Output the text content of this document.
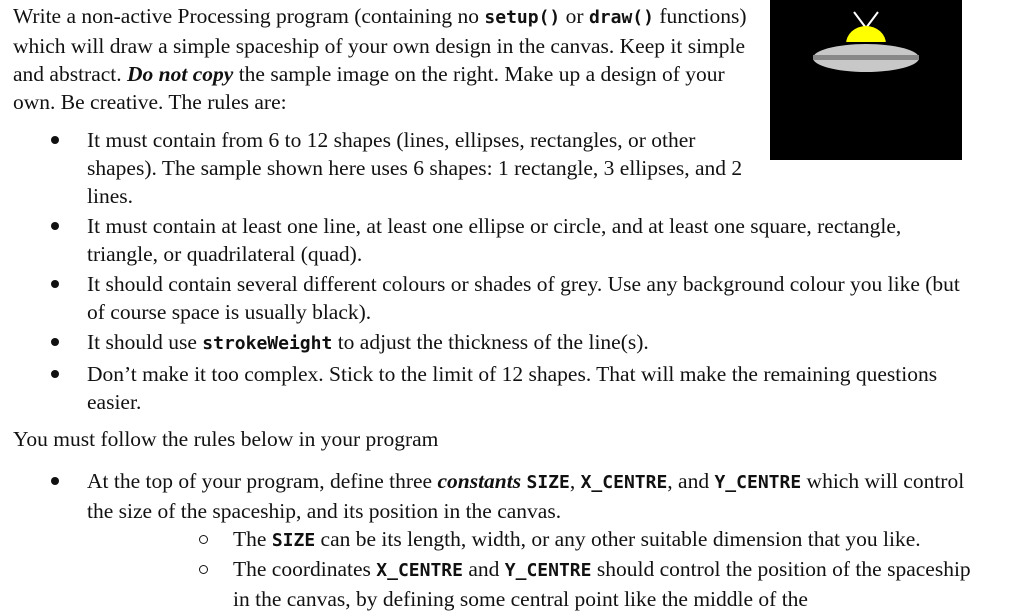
Write a non-active Processing program (containing no setup() or draw() functions) which will draw a simple spaceship of your own design in the canvas. Keep it simple and abstract. Do not copy the sample image on the right. Make up a design of your own. Be creative. The rules are:

It must contain from 6 to 12 shapes (lines, ellipses, rectangles, or other shapes). The sample shown here uses 6 shapes: 1 rectangle, 3 ellipses, and 2 lines.
It must contain at least one line, at least one ellipse or circle, and at least one square, rectangle, triangle, or quadrilateral (quad).
It should contain several different colours or shades of grey. Use any background colour you like (but of course space is usually black).
It should use strokeWeight to adjust the thickness of the line(s).
Don’t make it too complex. Stick to the limit of 12 shapes. That will make the remaining questions easier.

You must follow the rules below in your program

At the top of your program, define three constants SIZE, X_CENTRE, and Y_CENTRE which will control the size of the spaceship, and its position in the canvas.
The SIZE can be its length, width, or any other suitable dimension that you like.
The coordinates X_CENTRE and Y_CENTRE should control the position of the spaceship in the canvas, by defining some central point like the middle of the
